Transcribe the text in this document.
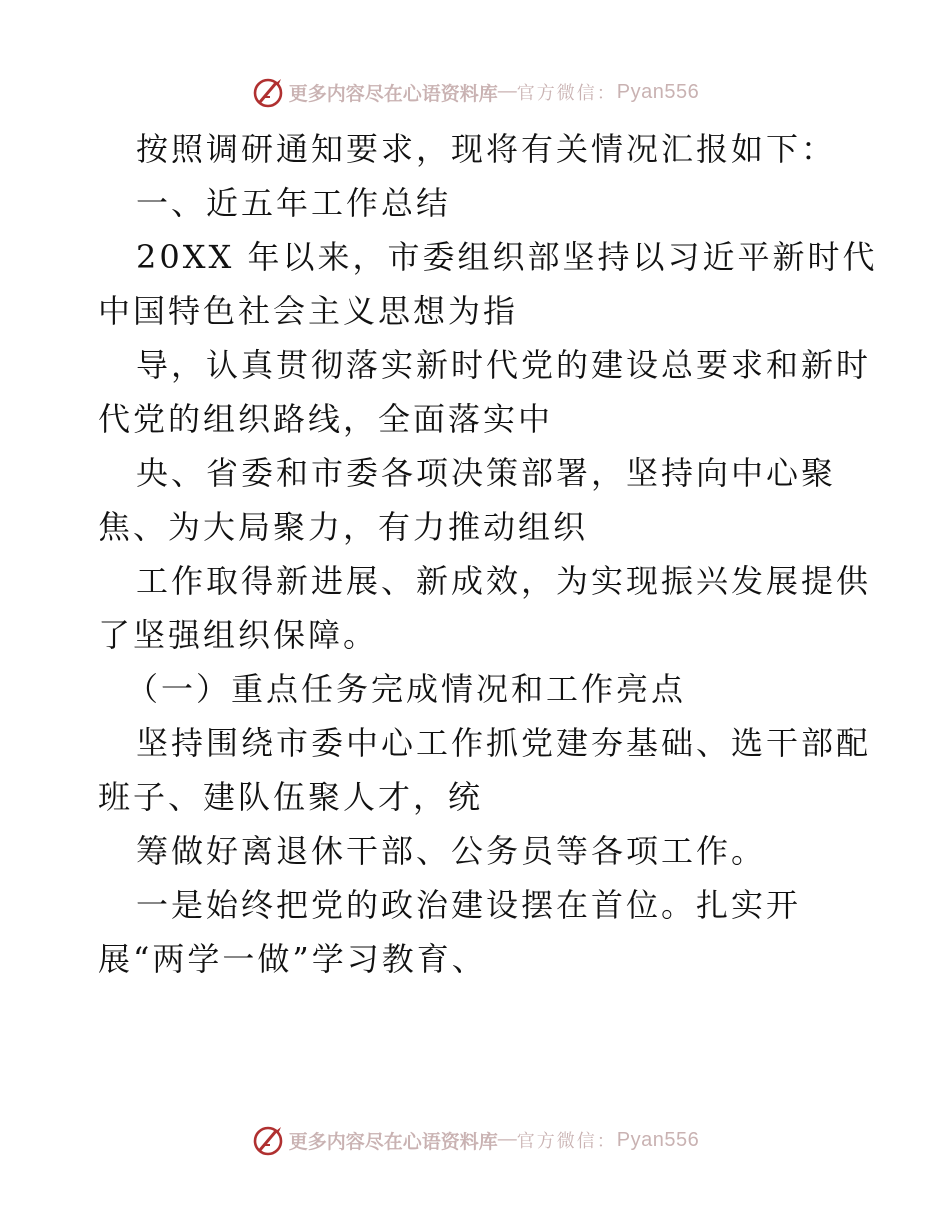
更多内容尽在心语资料库 — 官方微信： Pyan556

按照调研通知要求，现将有关情况汇报如下：

一、近五年工作总结

20XX 年以来，市委组织部坚持以习近平新时代

中国特色社会主义思想为指

导，认真贯彻落实新时代党的建设总要求和新时

代党的组织路线，全面落实中

央、省委和市委各项决策部署，坚持向中心聚

焦、为大局聚力，有力推动组织

工作取得新进展、新成效，为实现振兴发展提供

了坚强组织保障。

（一）重点任务完成情况和工作亮点

坚持围绕市委中心工作抓党建夯基础、选干部配

班子、建队伍聚人才，统

筹做好离退休干部、公务员等各项工作。

一是始终把党的政治建设摆在首位。扎实开

展“两学一做”学习教育、

更多内容尽在心语资料库 — 官方微信： Pyan556
